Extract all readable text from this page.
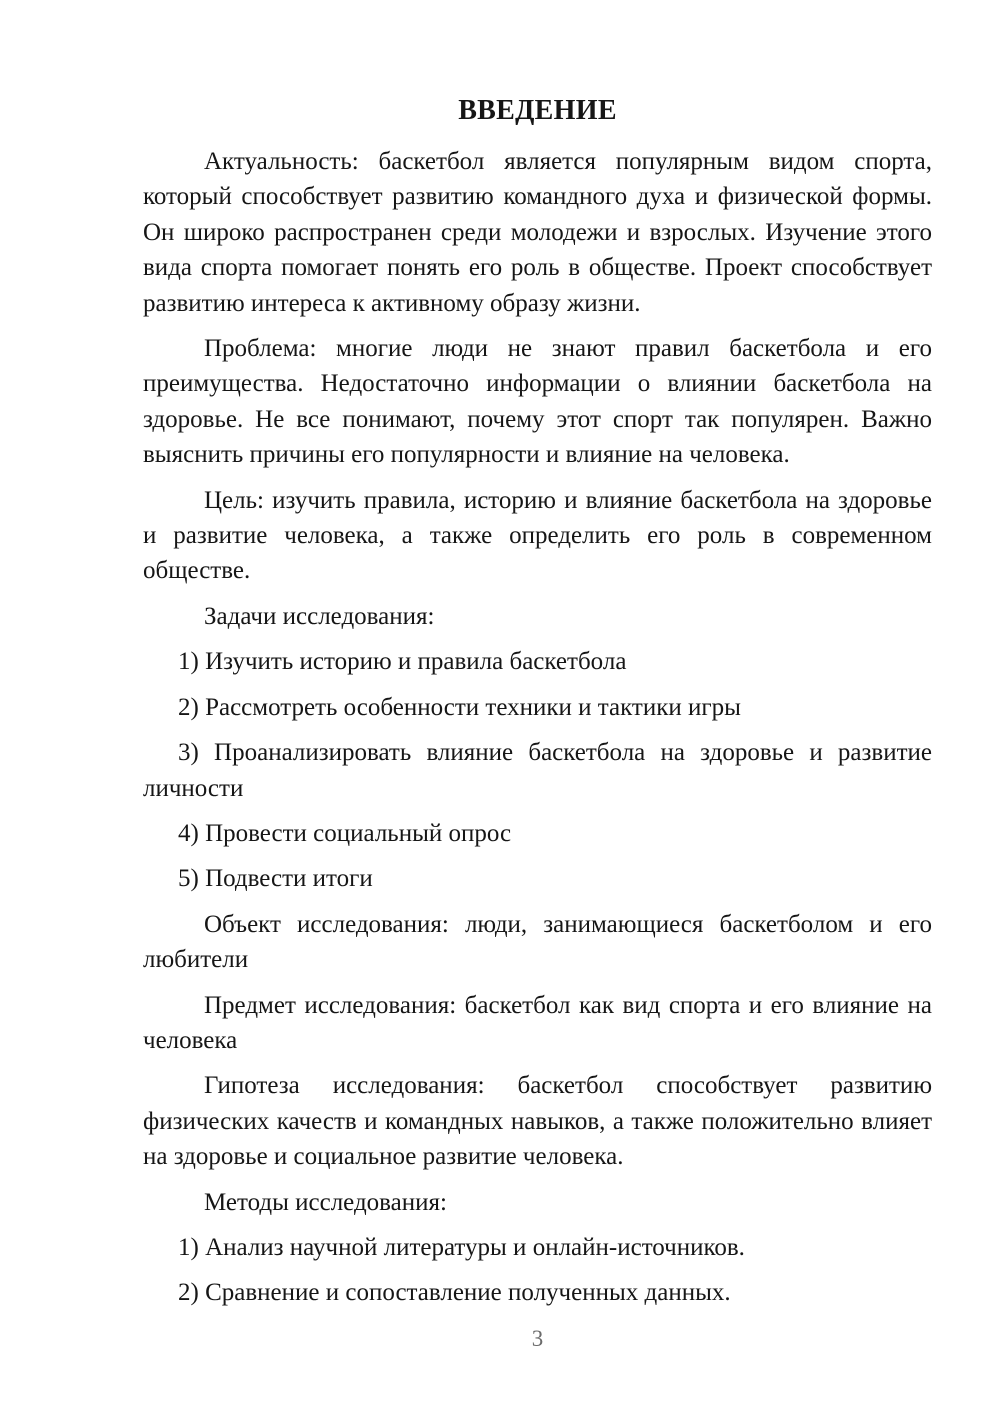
ВВЕДЕНИЕ
Актуальность: баскетбол является популярным видом спорта,
который способствует развитию командного духа и физической формы.
Он широко распространен среди молодежи и взрослых. Изучение этого
вида спорта помогает понять его роль в обществе. Проект способствует
развитию интереса к активному образу жизни.
Проблема: многие люди не знают правил баскетбола и его
преимущества. Недостаточно информации о влиянии баскетбола на
здоровье. Не все понимают, почему этот спорт так популярен. Важно
выяснить причины его популярности и влияние на человека.
Цель: изучить правила, историю и влияние баскетбола на здоровье
и развитие человека, а также определить его роль в современном
обществе.
Задачи исследования:
1) Изучить историю и правила баскетбола
2) Рассмотреть особенности техники и тактики игры
3) Проанализировать влияние баскетбола на здоровье и развитие
личности
4) Провести социальный опрос
5) Подвести итоги
Объект исследования: люди, занимающиеся баскетболом и его
любители
Предмет исследования: баскетбол как вид спорта и его влияние на
человека
Гипотеза исследования: баскетбол способствует развитию
физических качеств и командных навыков, а также положительно влияет
на здоровье и социальное развитие человека.
Методы исследования:
1) Анализ научной литературы и онлайн-источников.
2) Сравнение и сопоставление полученных данных.
3
